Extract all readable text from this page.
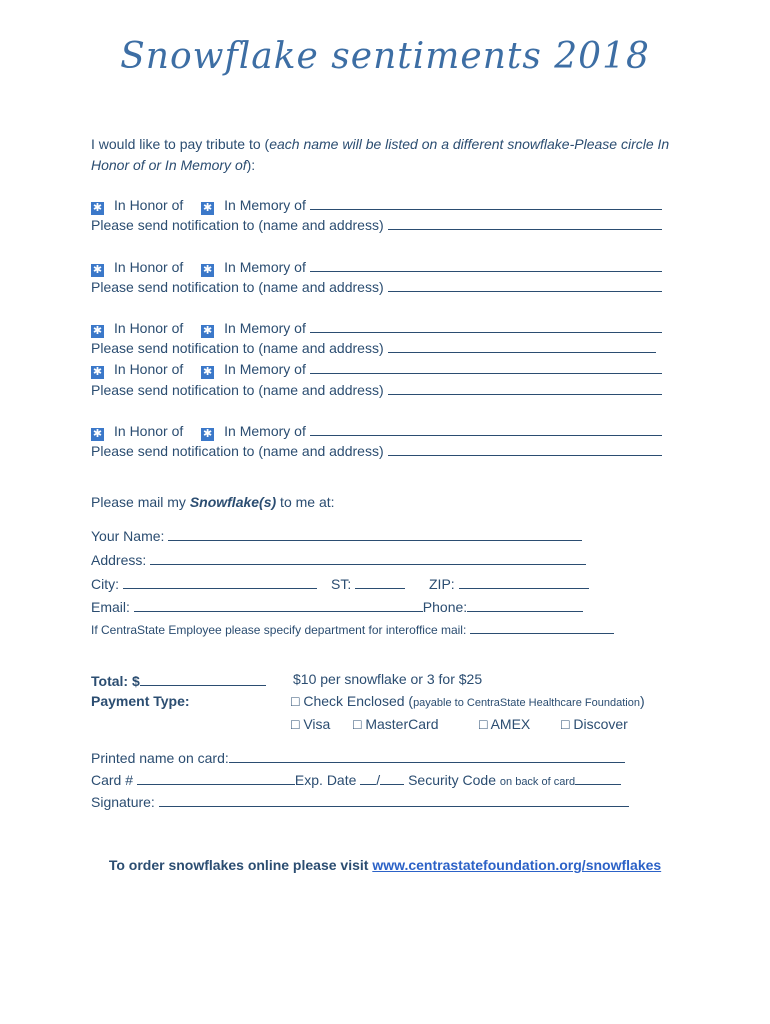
Snowflake sentiments 2018
I would like to pay tribute to (each name will be listed on a different snowflake-Please circle In Honor of or In Memory of):
✱ In Honor of ✱ In Memory of
Please send notification to (name and address)
✱ In Honor of ✱ In Memory of
Please send notification to (name and address)
✱ In Honor of ✱ In Memory of
Please send notification to (name and address)
✱ In Honor of ✱ In Memory of
Please send notification to (name and address)
✱ In Honor of ✱ In Memory of
Please send notification to (name and address)
Please mail my Snowflake(s) to me at:
Your Name:
Address:
City:	ST:	ZIP:
Email:	Phone:
If CentraState Employee please specify department for interoffice mail:
Total: $	$10 per snowflake or 3 for $25
Payment Type:	□ Check Enclosed (payable to CentraState Healthcare Foundation)
□ Visa □ MasterCard	□ AMEX □ Discover
Printed name on card:
Card #	Exp. Date / Security Code on back of card
Signature:
To order snowflakes online please visit www.centrastatefoundation.org/snowflakes
